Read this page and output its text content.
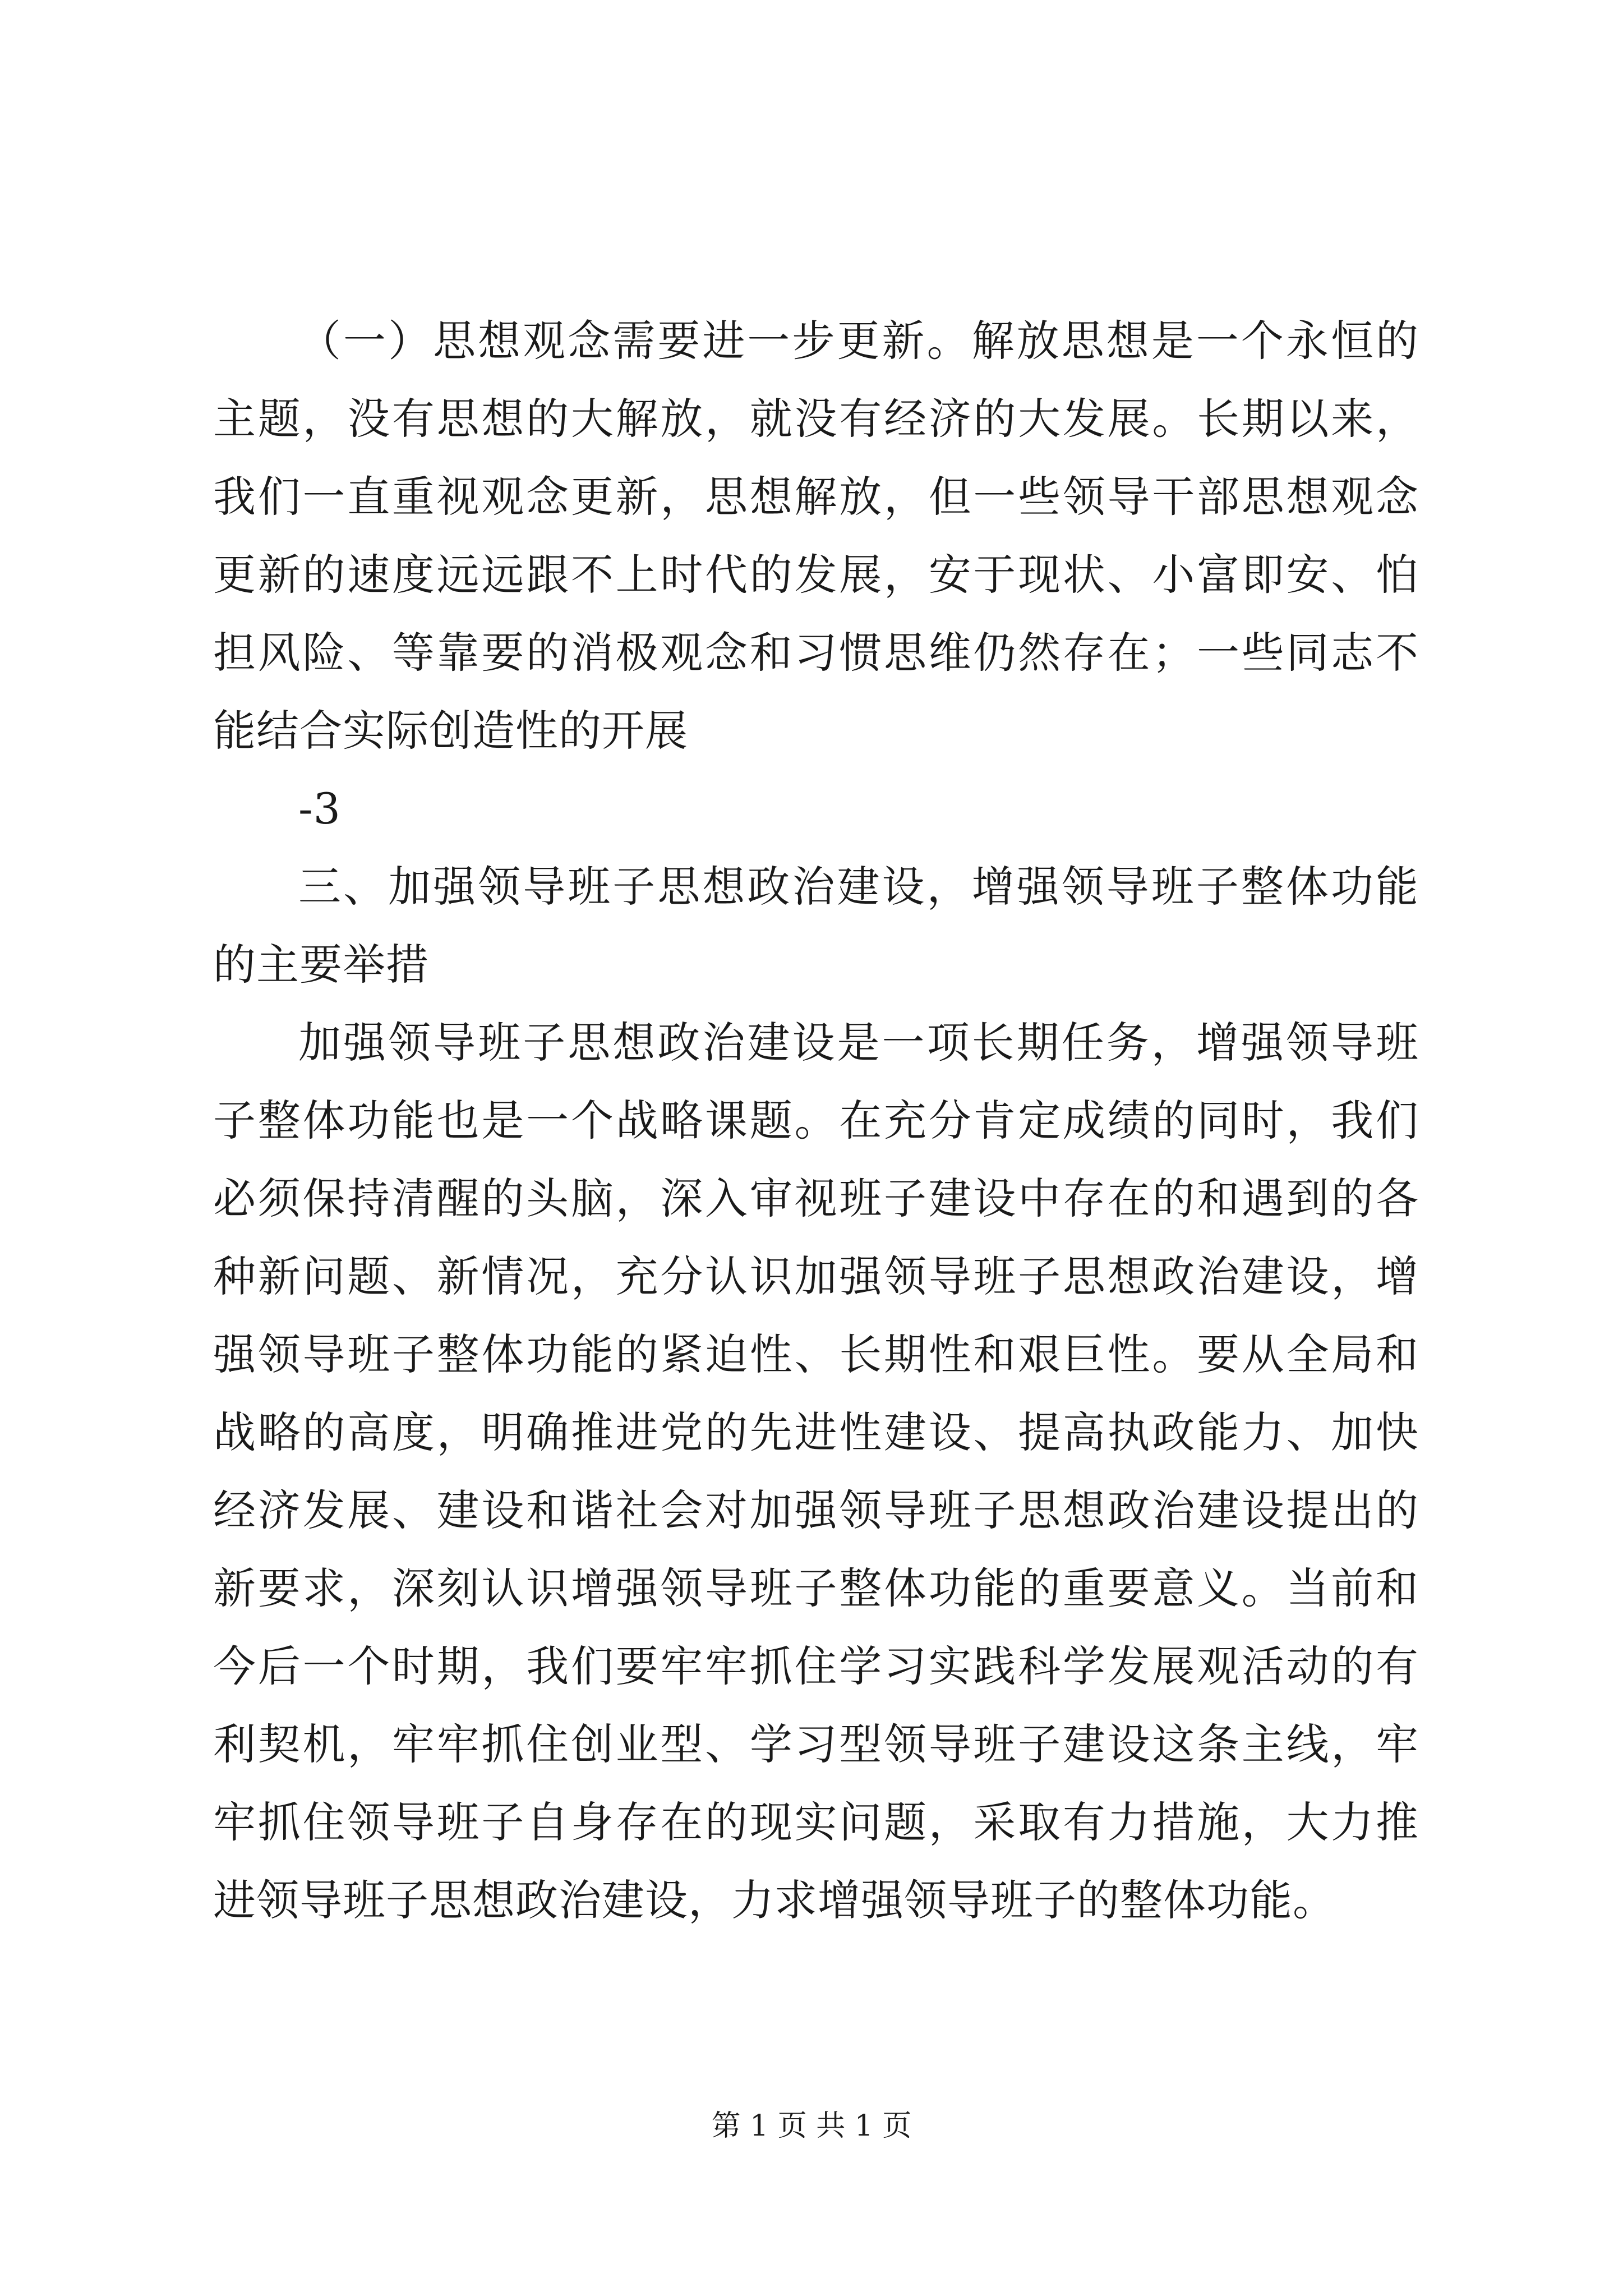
（一）思想观念需要进一步更新。解放思想是一个永恒的主题，没有思想的大解放，就没有经济的大发展。长期以来，我们一直重视观念更新，思想解放，但一些领导干部思想观念更新的速度远远跟不上时代的发展，安于现状、小富即安、怕担风险、等靠要的消极观念和习惯思维仍然存在；一些同志不能结合实际创造性的开展

-3

三、加强领导班子思想政治建设，增强领导班子整体功能的主要举措

加强领导班子思想政治建设是一项长期任务，增强领导班子整体功能也是一个战略课题。在充分肯定成绩的同时，我们必须保持清醒的头脑，深入审视班子建设中存在的和遇到的各种新问题、新情况，充分认识加强领导班子思想政治建设，增强领导班子整体功能的紧迫性、长期性和艰巨性。要从全局和战略的高度，明确推进党的先进性建设、提高执政能力、加快经济发展、建设和谐社会对加强领导班子思想政治建设提出的新要求，深刻认识增强领导班子整体功能的重要意义。当前和今后一个时期，我们要牢牢抓住学习实践科学发展观活动的有利契机，牢牢抓住创业型、学习型领导班子建设这条主线，牢牢抓住领导班子自身存在的现实问题，采取有力措施，大力推进领导班子思想政治建设，力求增强领导班子的整体功能。

第 1 页 共 1 页
